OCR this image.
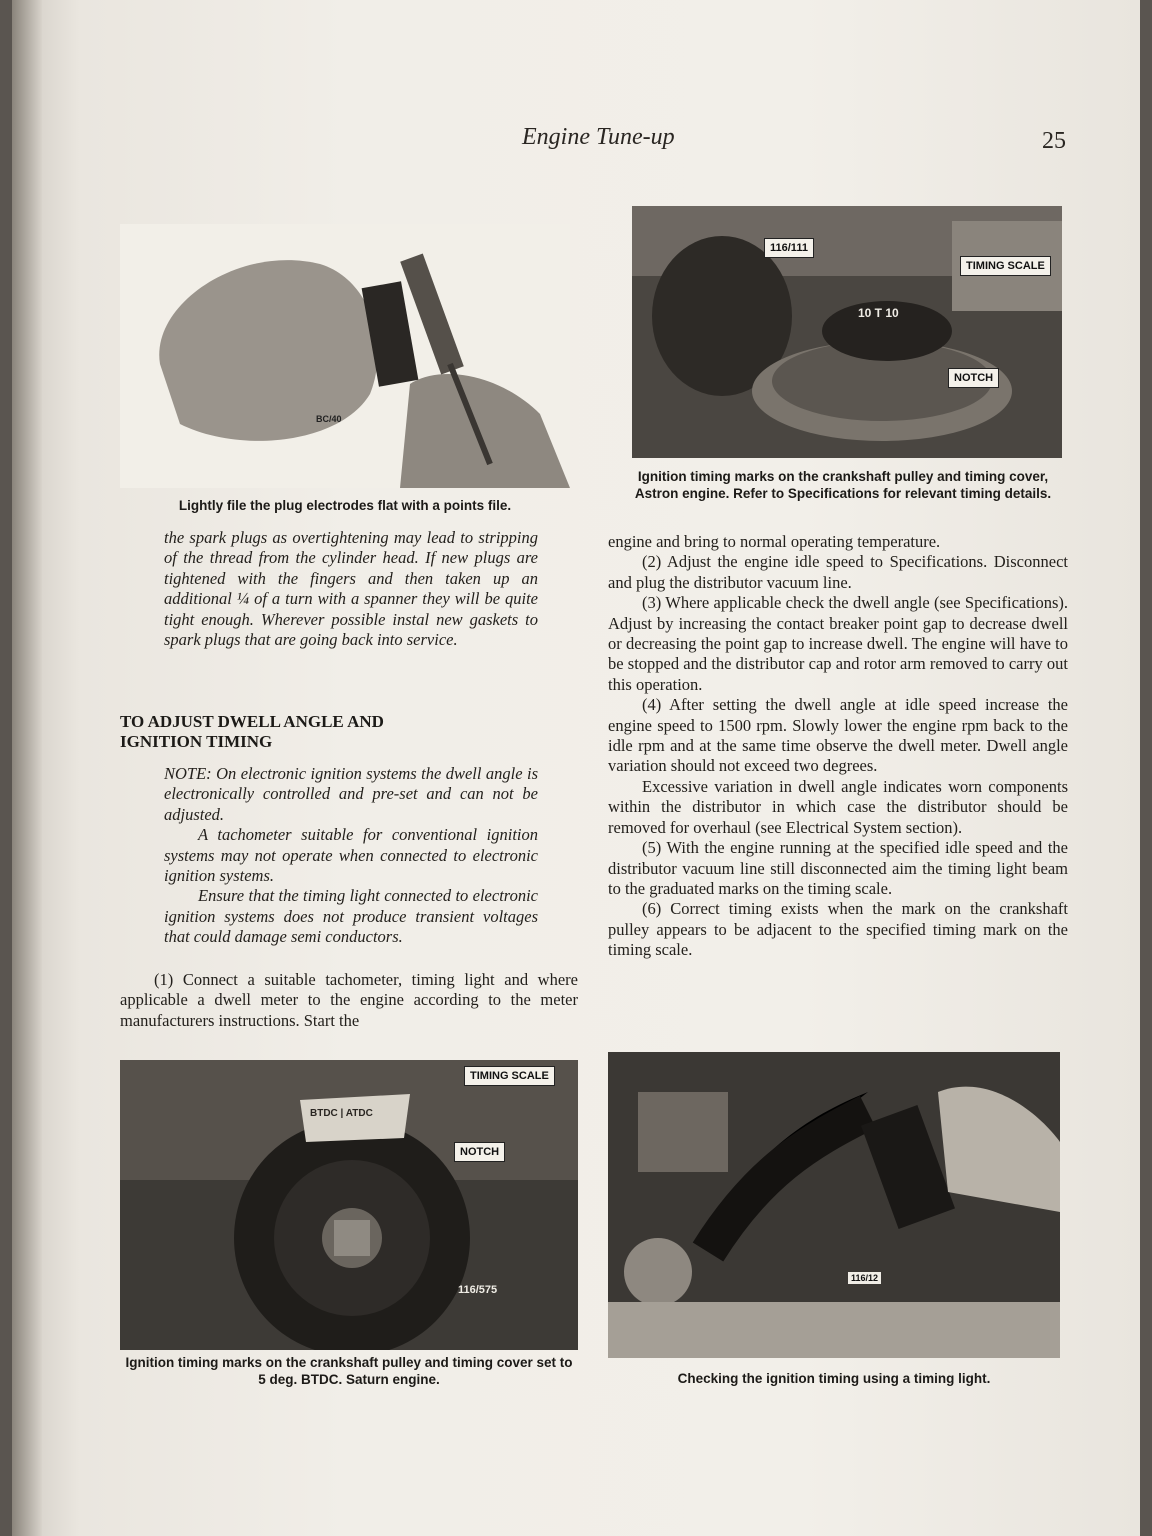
Engine Tune-up	25
BC/40
Lightly file the plug electrodes flat with a points file.
116/111
TIMING SCALE
NOTCH
10 T 10
Ignition timing marks on the crankshaft pulley and timing cover, Astron engine. Refer to Specifications for relevant timing details.

the spark plugs as overtightening may lead to stripping of the thread from the cylinder head. If new plugs are tightened with the fingers and then taken up an additional ¼ of a turn with a spanner they will be quite tight enough. Wherever possible instal new gaskets to spark plugs that are going back into service.

TO ADJUST DWELL ANGLE AND IGNITION TIMING

NOTE: On electronic ignition systems the dwell angle is electronically controlled and pre-set and can not be adjusted.

A tachometer suitable for conventional ignition systems may not operate when connected to electronic ignition systems.

Ensure that the timing light connected to electronic ignition systems does not produce transient voltages that could damage semi conductors.

(1) Connect a suitable tachometer, timing light and where applicable a dwell meter to the engine according to the meter manufacturers instructions. Start the

engine and bring to normal operating temperature.

(2) Adjust the engine idle speed to Specifications. Disconnect and plug the distributor vacuum line.

(3) Where applicable check the dwell angle (see Specifications). Adjust by increasing the contact breaker point gap to decrease dwell or decreasing the point gap to increase dwell. The engine will have to be stopped and the distributor cap and rotor arm removed to carry out this operation.

(4) After setting the dwell angle at idle speed increase the engine speed to 1500 rpm. Slowly lower the engine rpm back to the idle rpm and at the same time observe the dwell meter. Dwell angle variation should not exceed two degrees.

Excessive variation in dwell angle indicates worn components within the distributor in which case the distributor should be removed for overhaul (see Electrical System section).

(5) With the engine running at the specified idle speed and the distributor vacuum line still disconnected aim the timing light beam to the graduated marks on the timing scale.

(6) Correct timing exists when the mark on the crankshaft pulley appears to be adjacent to the specified timing mark on the timing scale.

TIMING SCALE
NOTCH
BTDC | ATDC
116/575
Ignition timing marks on the crankshaft pulley and timing cover set to 5 deg. BTDC. Saturn engine.
116/12
Checking the ignition timing using a timing light.
